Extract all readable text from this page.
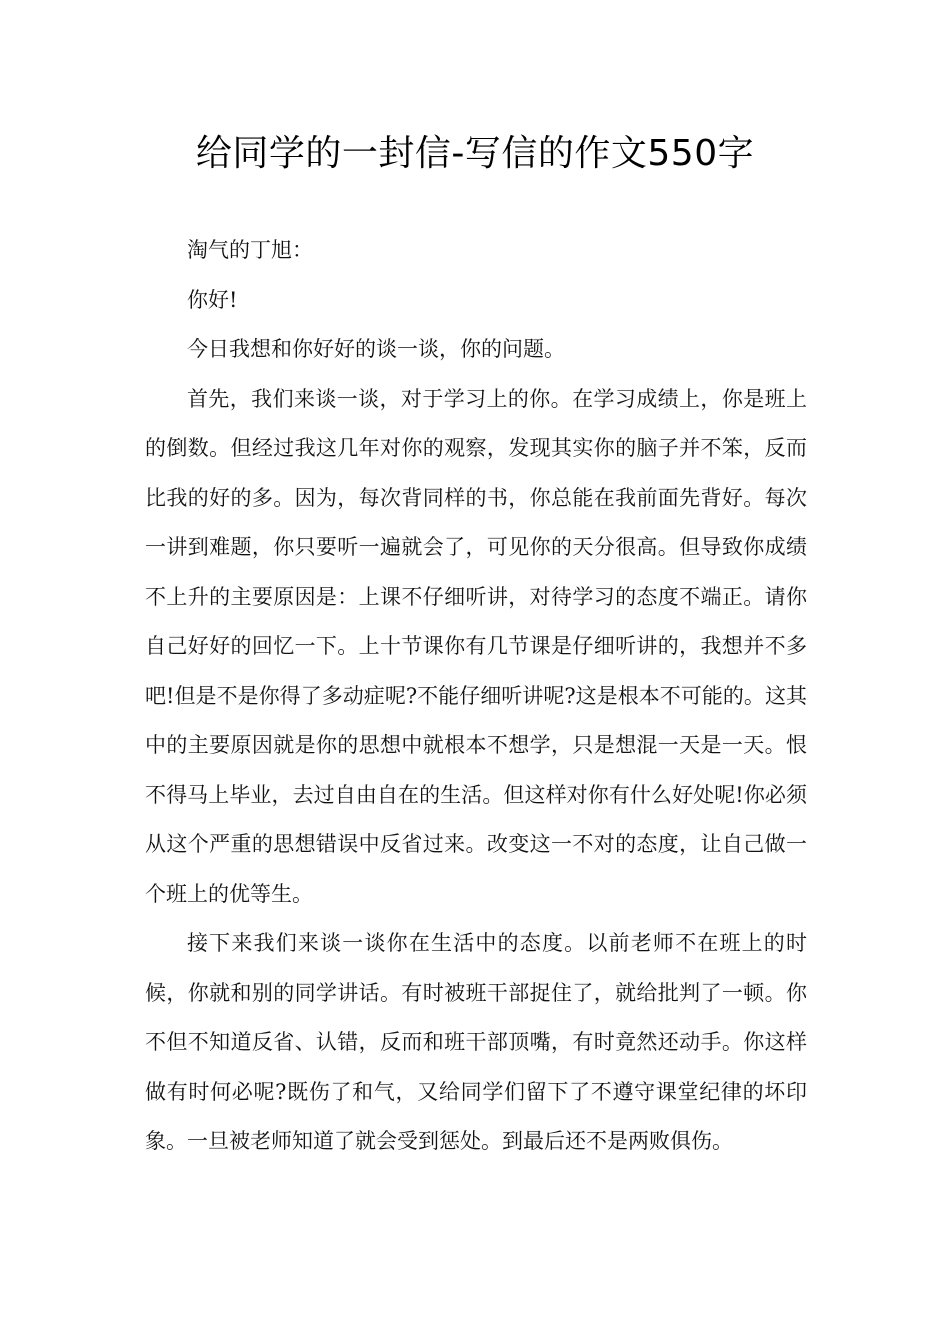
给同学的一封信-写信的作文550字

淘气的丁旭：

你好!

今日我想和你好好的谈一谈，你的问题。

首先，我们来谈一谈，对于学习上的你。在学习成绩上，你是班上的倒数。但经过我这几年对你的观察，发现其实你的脑子并不笨，反而比我的好的多。因为，每次背同样的书，你总能在我前面先背好。每次一讲到难题，你只要听一遍就会了，可见你的天分很高。但导致你成绩不上升的主要原因是：上课不仔细听讲，对待学习的态度不端正。请你自己好好的回忆一下。上十节课你有几节课是仔细听讲的，我想并不多吧!但是不是你得了多动症呢?不能仔细听讲呢?这是根本不可能的。这其中的主要原因就是你的思想中就根本不想学，只是想混一天是一天。恨不得马上毕业，去过自由自在的生活。但这样对你有什么好处呢!你必须从这个严重的思想错误中反省过来。改变这一不对的态度，让自己做一个班上的优等生。

接下来我们来谈一谈你在生活中的态度。以前老师不在班上的时候，你就和别的同学讲话。有时被班干部捉住了，就给批判了一顿。你不但不知道反省、认错，反而和班干部顶嘴，有时竟然还动手。你这样做有时何必呢?既伤了和气，又给同学们留下了不遵守课堂纪律的坏印象。一旦被老师知道了就会受到惩处。到最后还不是两败俱伤。
